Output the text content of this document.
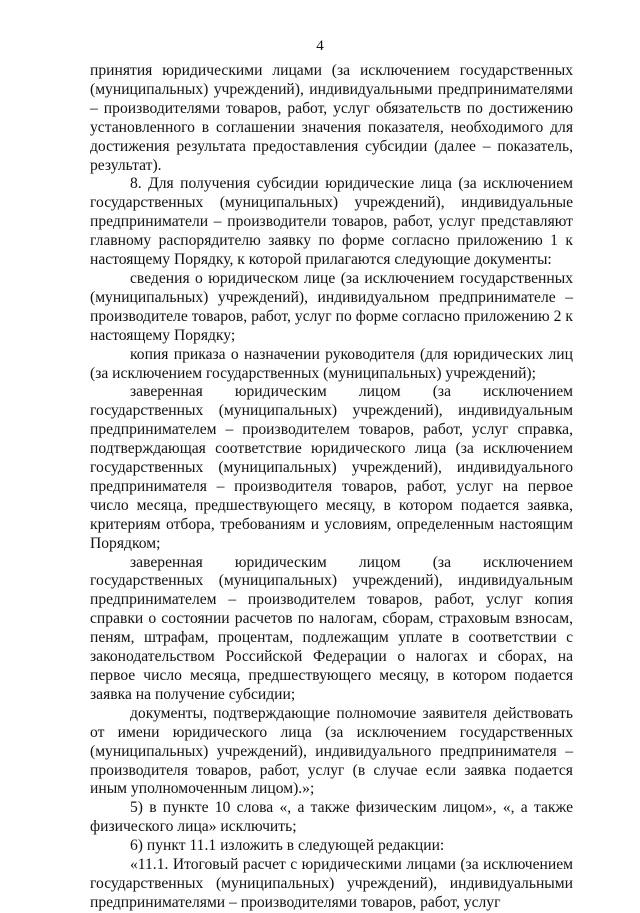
4

принятия юридическими лицами (за исключением государственных (муниципальных) учреждений), индивидуальными предпринимателями – производителями товаров, работ, услуг обязательств по достижению установленного в соглашении значения показателя, необходимого для достижения результата предоставления субсидии (далее – показатель, результат).

8. Для получения субсидии юридические лица (за исключением государственных (муниципальных) учреждений), индивидуальные предприниматели – производители товаров, работ, услуг представляют главному распорядителю заявку по форме согласно приложению 1 к настоящему Порядку, к которой прилагаются следующие документы:

сведения о юридическом лице (за исключением государственных (муниципальных) учреждений), индивидуальном предпринимателе – производителе товаров, работ, услуг по форме согласно приложению 2 к настоящему Порядку;

копия приказа о назначении руководителя (для юридических лиц (за исключением государственных (муниципальных) учреждений);

заверенная юридическим лицом (за исключением государственных (муниципальных) учреждений), индивидуальным предпринимателем – производителем товаров, работ, услуг справка, подтверждающая соответствие юридического лица (за исключением государственных (муниципальных) учреждений), индивидуального предпринимателя – производителя товаров, работ, услуг на первое число месяца, предшествующего месяцу, в котором подается заявка, критериям отбора, требованиям и условиям, определенным настоящим Порядком;

заверенная юридическим лицом (за исключением государственных (муниципальных) учреждений), индивидуальным предпринимателем – производителем товаров, работ, услуг копия справки о состоянии расчетов по налогам, сборам, страховым взносам, пеням, штрафам, процентам, подлежащим уплате в соответствии с законодательством Российской Федерации о налогах и сборах, на первое число месяца, предшествующего месяцу, в котором подается заявка на получение субсидии;

документы, подтверждающие полномочие заявителя действовать от имени юридического лица (за исключением государственных (муниципальных) учреждений), индивидуального предпринимателя – производителя товаров, работ, услуг (в случае если заявка подается иным уполномоченным лицом).»;

5) в пункте 10 слова «, а также физическим лицом», «, а также физического лица» исключить;

6) пункт 11.1 изложить в следующей редакции:

«11.1. Итоговый расчет с юридическими лицами (за исключением государственных (муниципальных) учреждений), индивидуальными предпринимателями – производителями товаров, работ, услуг
